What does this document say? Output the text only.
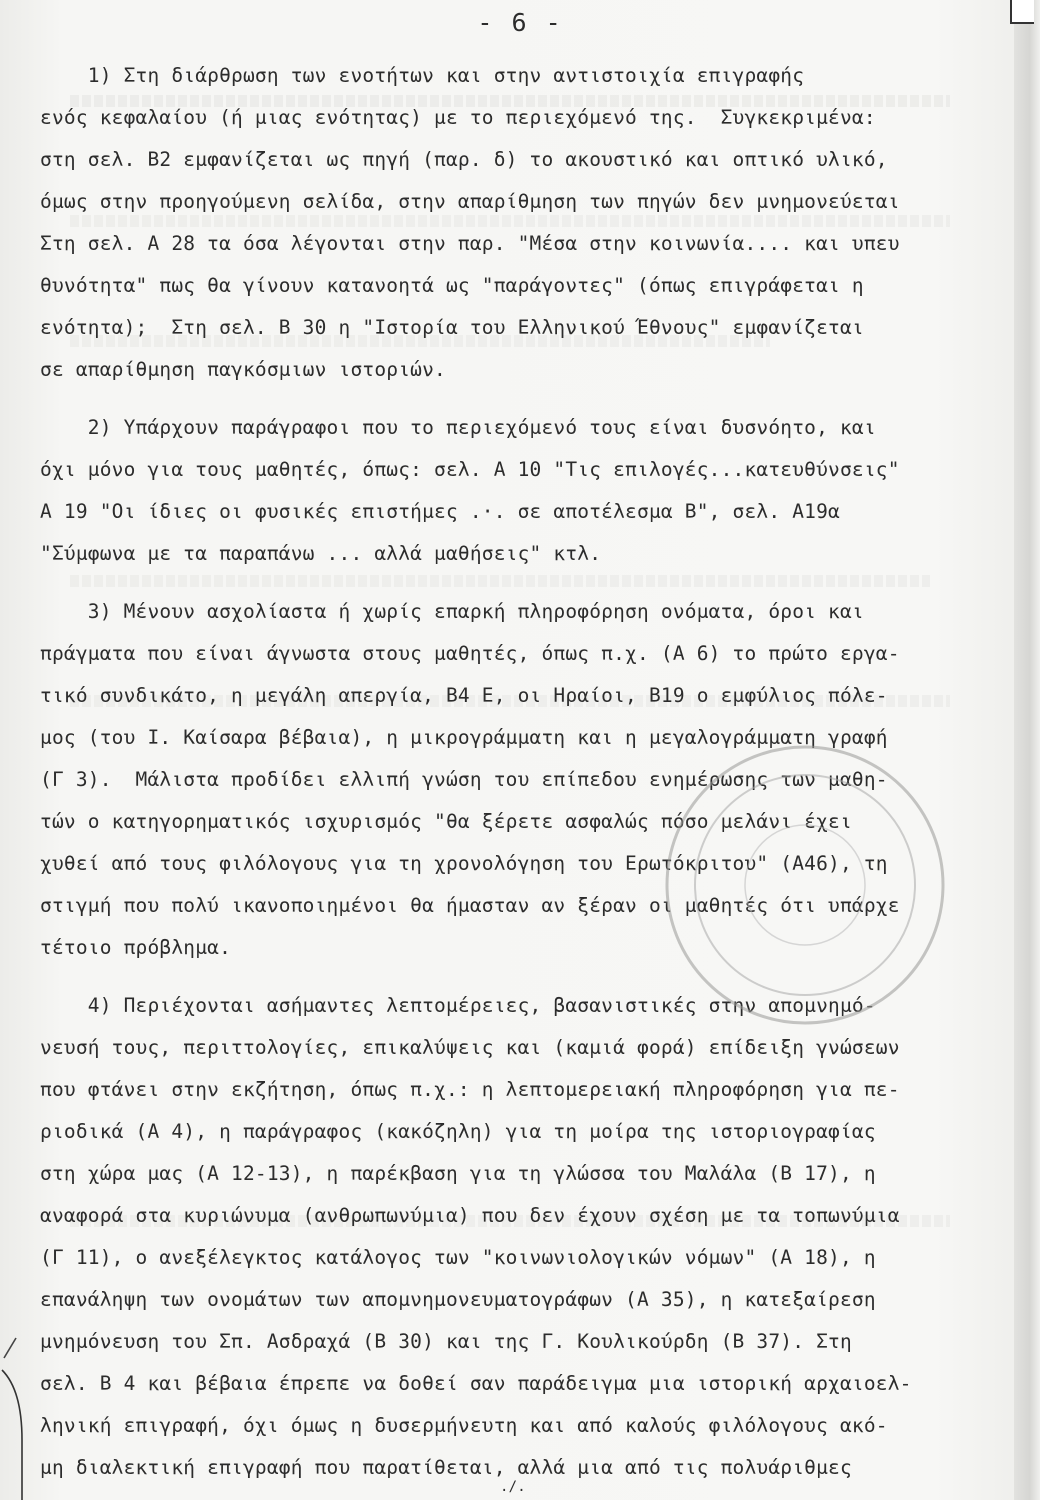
- 6 -
1) Στη διάρθρωση των ενοτήτων και στην αντιστοιχία επιγραφής
ενός κεφαλαίου (ή μιας ενότητας) με το περιεχόμενό της.  Συγκεκριμένα:
στη σελ. Β2 εμφανίζεται ως πηγή (παρ. δ) το ακουστικό και οπτικό υλικό,
όμως στην προηγούμενη σελίδα, στην απαρίθμηση των πηγών δεν μνημονεύεται
Στη σελ. Α 28 τα όσα λέγονται στην παρ. "Μέσα στην κοινωνία.... και υπευ
θυνότητα" πως θα γίνουν κατανοητά ως "παράγοντες" (όπως επιγράφεται η
ενότητα);  Στη σελ. Β 30 η "Ιστορία του Ελληνικού Έθνους" εμφανίζεται
σε απαρίθμηση παγκόσμιων ιστοριών.
2) Υπάρχουν παράγραφοι που το περιεχόμενό τους είναι δυσνόητο, και
όχι μόνο για τους μαθητές, όπως: σελ. Α 10 "Τις επιλογές...κατευθύνσεις"
Α 19 "Οι ίδιες οι φυσικές επιστήμες .·. σε αποτέλεσμα Β", σελ. Α19α
"Σύμφωνα με τα παραπάνω ... αλλά μαθήσεις" κτλ.
3) Μένουν ασχολίαστα ή χωρίς επαρκή πληροφόρηση ονόματα, όροι και
πράγματα που είναι άγνωστα στους μαθητές, όπως π.χ. (Α 6) το πρώτο εργα-
τικό συνδικάτο, η μεγάλη απεργία, Β4 Ε, οι Ηραίοι, Β19 ο εμφύλιος πόλε-
μος (του Ι. Καίσαρα βέβαια), η μικρογράμματη και η μεγαλογράμματη γραφή
(Γ 3).  Μάλιστα προδίδει ελλιπή γνώση του επίπεδου ενημέρωσης των μαθη-
τών ο κατηγορηματικός ισχυρισμός "θα ξέρετε ασφαλώς πόσο μελάνι έχει
χυθεί από τους φιλόλογους για τη χρονολόγηση του Ερωτόκριτου" (Α46), τη
στιγμή που πολύ ικανοποιημένοι θα ήμασταν αν ξέραν οι μαθητές ότι υπάρχε
τέτοιο πρόβλημα.
4) Περιέχονται ασήμαντες λεπτομέρειες, βασανιστικές στην απομνημό-
νευσή τους, περιττολογίες, επικαλύψεις και (καμιά φορά) επίδειξη γνώσεων
που φτάνει στην εκζήτηση, όπως π.χ.: η λεπτομερειακή πληροφόρηση για πε-
ριοδικά (Α 4), η παράγραφος (κακόζηλη) για τη μοίρα της ιστοριογραφίας
στη χώρα μας (Α 12-13), η παρέκβαση για τη γλώσσα του Μαλάλα (Β 17), η
αναφορά στα κυριώνυμα (ανθρωπωνύμια) που δεν έχουν σχέση με τα τοπωνύμια
(Γ 11), ο ανεξέλεγκτος κατάλογος των "κοινωνιολογικών νόμων" (Α 18), η
επανάληψη των ονομάτων των απομνημονευματογράφων (Α 35), η κατεξαίρεση
μνημόνευση του Σπ. Ασδραχά (Β 30) και της Γ. Κουλικούρδη (Β 37). Στη
σελ. Β 4 και βέβαια έπρεπε να δοθεί σαν παράδειγμα μια ιστορική αρχαιοελ-
ληνική επιγραφή, όχι όμως η δυσερμήνευτη και από καλούς φιλόλογους ακό-
μη διαλεκτική επιγραφή που παρατίθεται, αλλά μια από τις πολυάριθμες
./.
